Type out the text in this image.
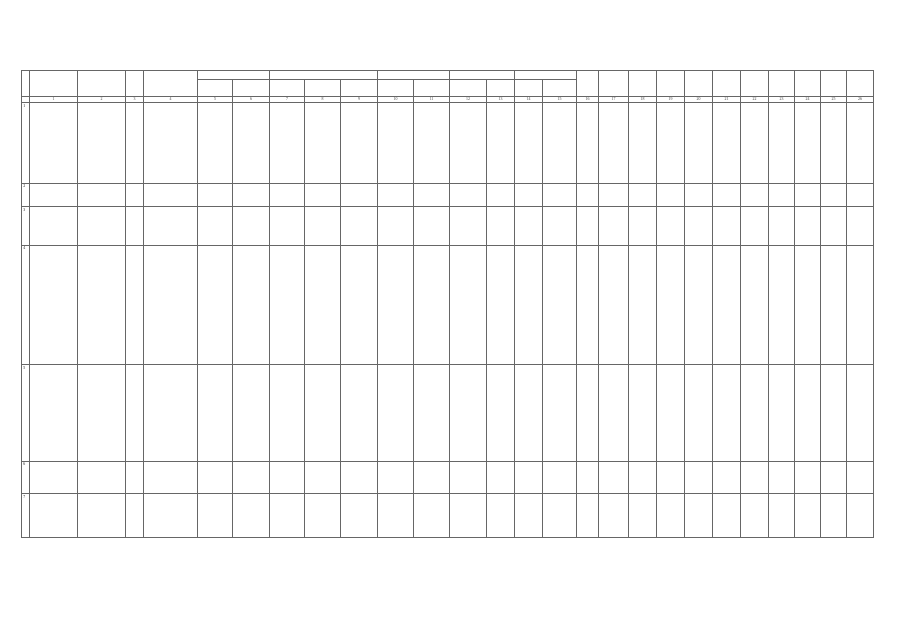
	1	2	3	4	5	6	7	8	9	10	11	12	13	14	15	16	17	18	19	20	21	22	23	24	25	26
1																										
2																										
3																										
4																										
5																										
6																										
7																										
